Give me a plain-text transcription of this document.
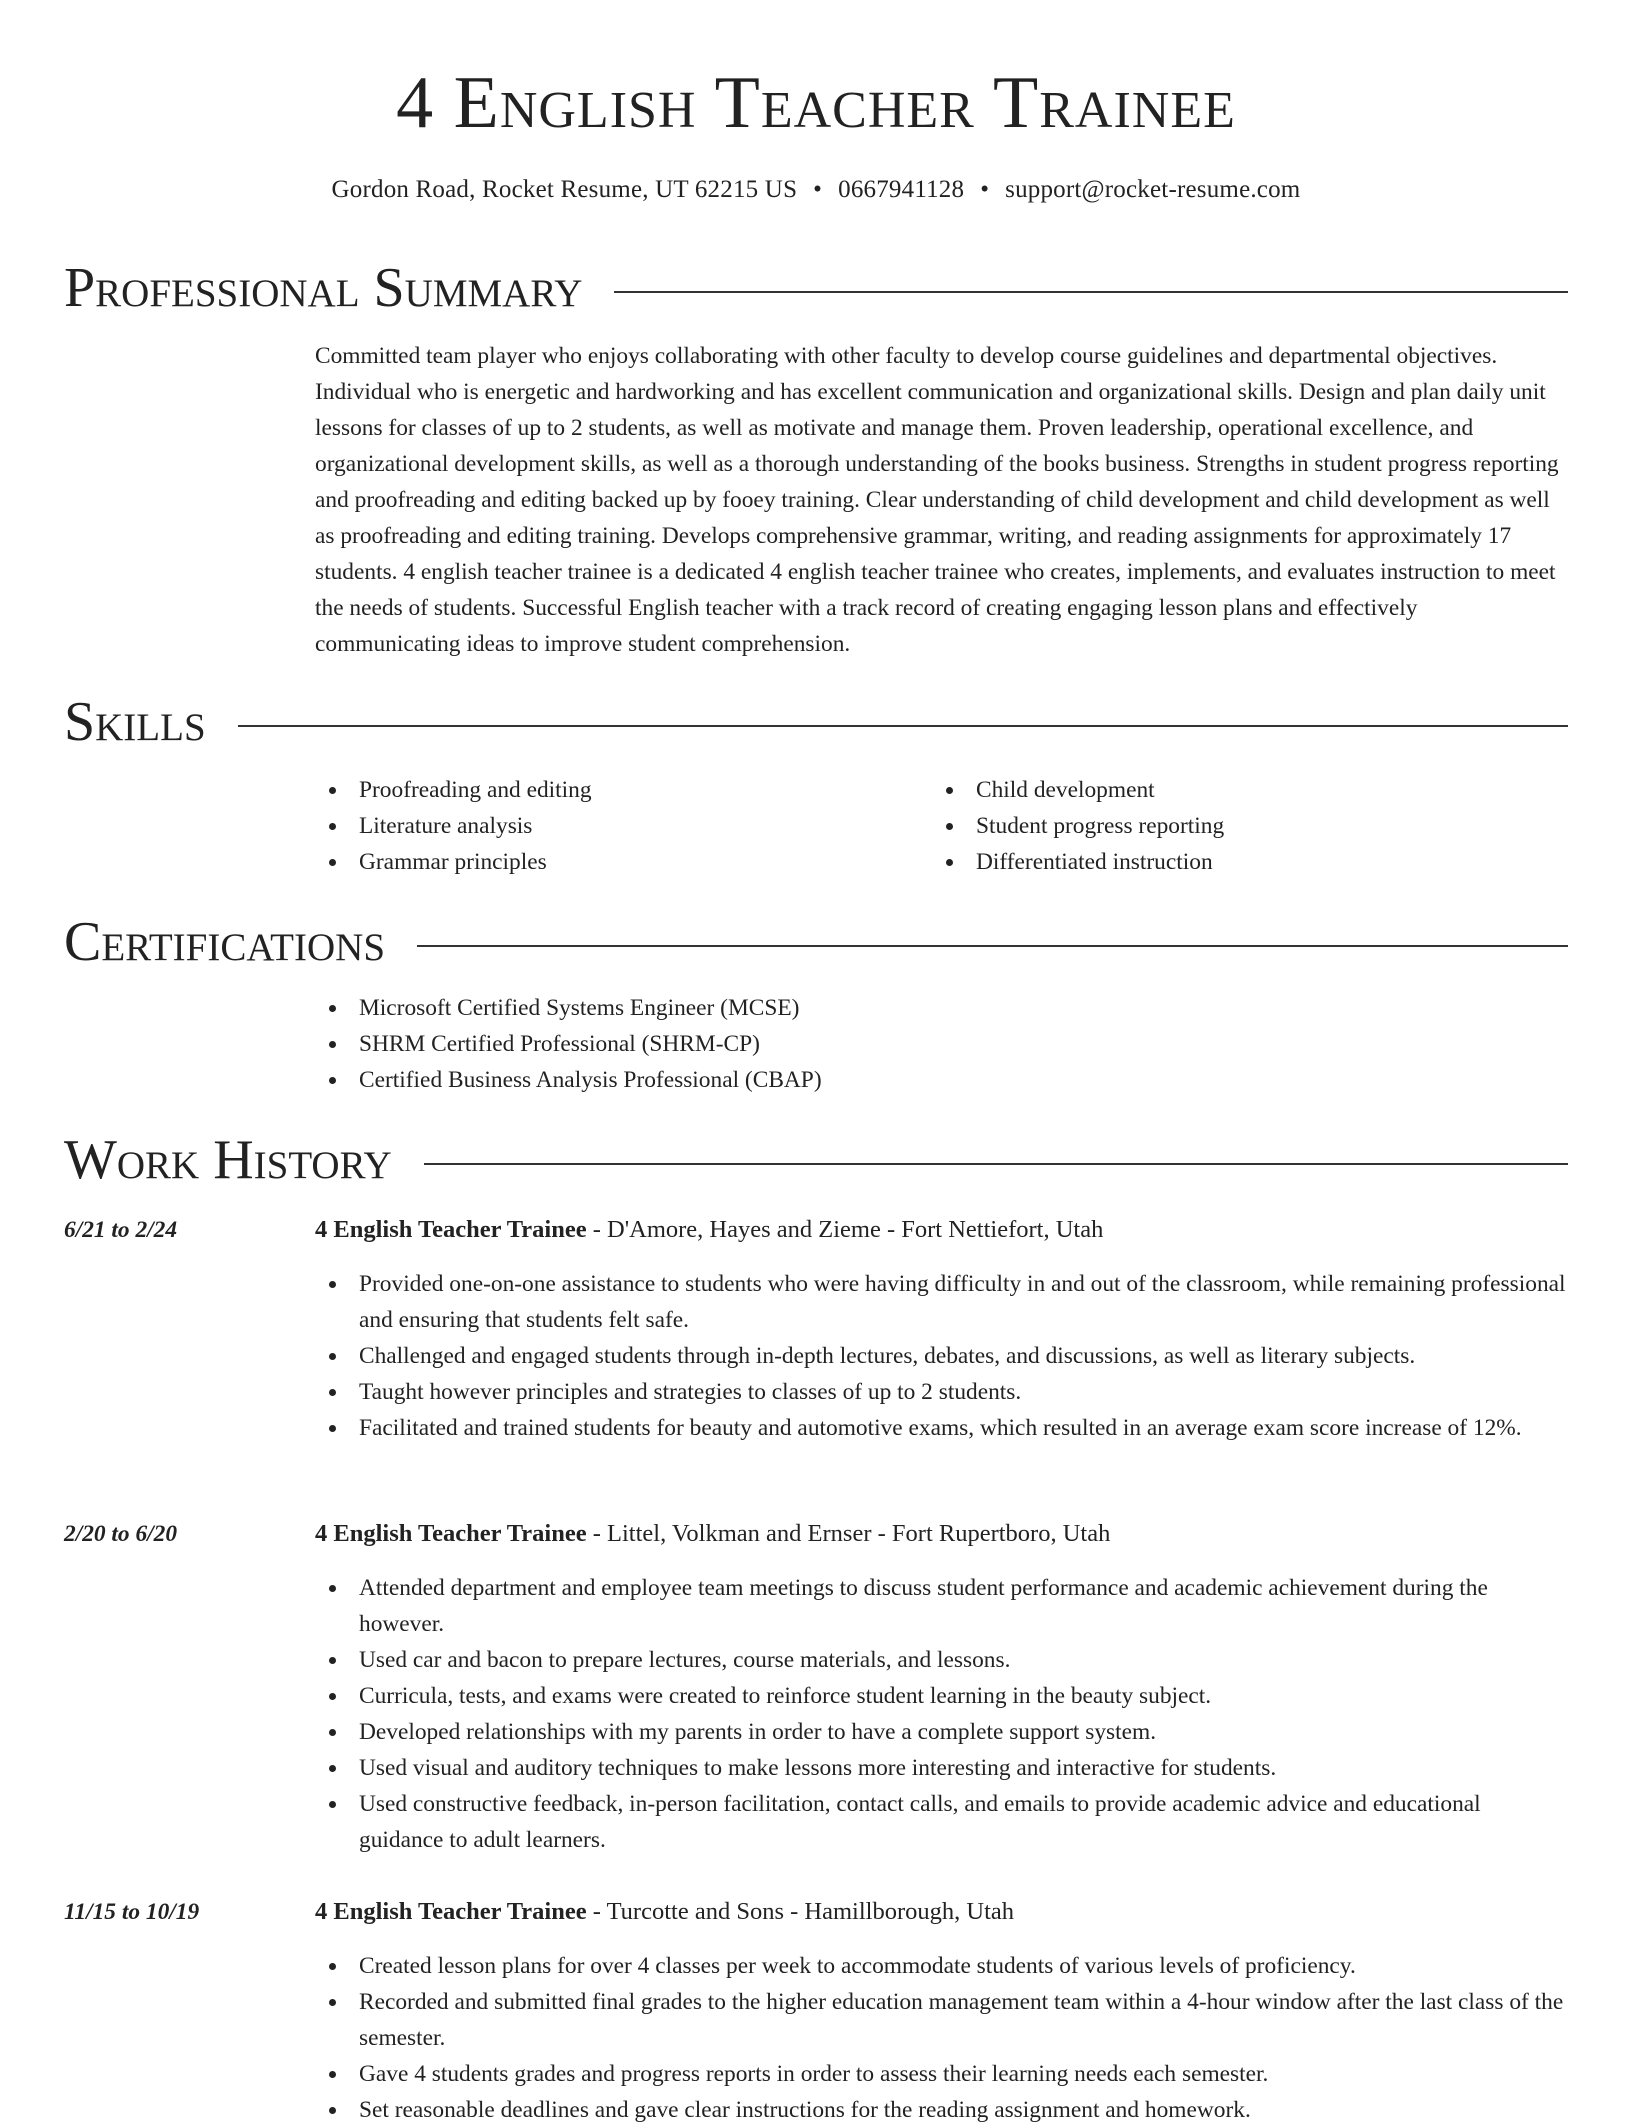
4 English Teacher Trainee
Gordon Road, Rocket Resume, UT 62215 US • 0667941128 • support@rocket-resume.com
Professional Summary

Committed team player who enjoys collaborating with other faculty to develop course guidelines and departmental objectives. Individual who is energetic and hardworking and has excellent communication and organizational skills. Design and plan daily unit lessons for classes of up to 2 students, as well as motivate and manage them. Proven leadership, operational excellence, and organizational development skills, as well as a thorough understanding of the books business. Strengths in student progress reporting and proofreading and editing backed up by fooey training. Clear understanding of child development and child development as well as proofreading and editing training. Develops comprehensive grammar, writing, and reading assignments for approximately 17 students. 4 english teacher trainee is a dedicated 4 english teacher trainee who creates, implements, and evaluates instruction to meet the needs of students. Successful English teacher with a track record of creating engaging lesson plans and effectively communicating ideas to improve student comprehension.

Skills
Proofreading and editing
Literature analysis
Grammar principles
Child development
Student progress reporting
Differentiated instruction
Certifications
Microsoft Certified Systems Engineer (MCSE)
SHRM Certified Professional (SHRM-CP)
Certified Business Analysis Professional (CBAP)
Work History
6/21 to 2/24	4 English Teacher Trainee - D'Amore, Hayes and Zieme - Fort Nettiefort, Utah
Provided one-on-one assistance to students who were having difficulty in and out of the classroom, while remaining professional and ensuring that students felt safe.
Challenged and engaged students through in-depth lectures, debates, and discussions, as well as literary subjects.
Taught however principles and strategies to classes of up to 2 students.
Facilitated and trained students for beauty and automotive exams, which resulted in an average exam score increase of 12%.
2/20 to 6/20	4 English Teacher Trainee - Littel, Volkman and Ernser - Fort Rupertboro, Utah
Attended department and employee team meetings to discuss student performance and academic achievement during the however.
Used car and bacon to prepare lectures, course materials, and lessons.
Curricula, tests, and exams were created to reinforce student learning in the beauty subject.
Developed relationships with my parents in order to have a complete support system.
Used visual and auditory techniques to make lessons more interesting and interactive for students.
Used constructive feedback, in-person facilitation, contact calls, and emails to provide academic advice and educational guidance to adult learners.
11/15 to 10/19	4 English Teacher Trainee - Turcotte and Sons - Hamillborough, Utah
Created lesson plans for over 4 classes per week to accommodate students of various levels of proficiency.
Recorded and submitted final grades to the higher education management team within a 4-hour window after the last class of the semester.
Gave 4 students grades and progress reports in order to assess their learning needs each semester.
Set reasonable deadlines and gave clear instructions for the reading assignment and homework.
